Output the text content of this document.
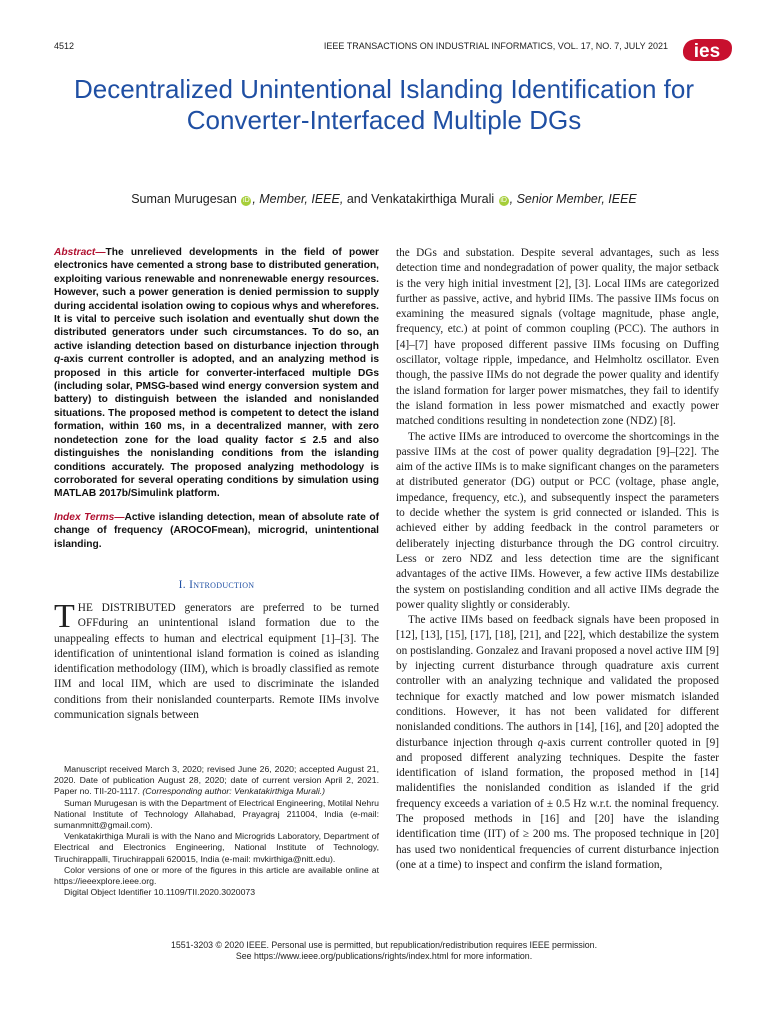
4512	IEEE TRANSACTIONS ON INDUSTRIAL INFORMATICS, VOL. 17, NO. 7, JULY 2021 ies
Decentralized Unintentional Islanding Identification for Converter-Interfaced Multiple DGs
Suman Murugesan iD , Member, IEEE, and Venkatakirthiga Murali iD , Senior Member, IEEE

Abstract—The unrelieved developments in the field of power electronics have cemented a strong base to distributed generation, exploiting various renewable and nonrenewable energy resources. However, such a power generation is denied permission to supply during accidental isolation owing to copious whys and wherefores. It is vital to perceive such isolation and eventually shut down the distributed generators under such circumstances. To do so, an active islanding detection based on disturbance injection through q-axis current controller is adopted, and an analyzing method is proposed in this article for converter-interfaced multiple DGs (including solar, PMSG-based wind energy conversion system and battery) to distinguish between the islanded and nonislanded situations. The proposed method is competent to detect the island formation, within 160 ms, in a decentralized manner, with zero nondetection zone for the load quality factor ≤ 2.5 and also distinguishes the nonislanding conditions from the islanding conditions accurately. The proposed analyzing methodology is corroborated for several operating conditions by simulation using MATLAB 2017b/Simulink platform.

Index Terms—Active islanding detection, mean of absolute rate of change of frequency (AROCOFmean), microgrid, unintentional islanding.

I. Introduction
THE DISTRIBUTED generators are preferred to be turned OFFduring an unintentional island formation due to the unappealing effects to human and electrical equipment [1]–[3]. The identification of unintentional island formation is coined as islanding identification methodology (IIM), which is broadly classified as remote IIM and local IIM, which are used to discriminate the islanded conditions from their nonislanded counterparts. Remote IIMs involve communication signals between

Manuscript received March 3, 2020; revised June 26, 2020; accepted August 21, 2020. Date of publication August 28, 2020; date of current version April 2, 2021. Paper no. TII-20-1117. (Corresponding author: Venkatakirthiga Murali.)

Suman Murugesan is with the Department of Electrical Engineering, Motilal Nehru National Institute of Technology Allahabad, Prayagraj 211004, India (e-mail: sumanmnitt@gmail.com).

Venkatakirthiga Murali is with the Nano and Microgrids Laboratory, Department of Electrical and Electronics Engineering, National Institute of Technology, Tiruchirappalli, Tiruchirappali 620015, India (e-mail: mvkirthiga@nitt.edu).

Color versions of one or more of the figures in this article are available online at https://ieeexplore.ieee.org.

Digital Object Identifier 10.1109/TII.2020.3020073

the DGs and substation. Despite several advantages, such as less detection time and nondegradation of power quality, the major setback is the very high initial investment [2], [3]. Local IIMs are categorized further as passive, active, and hybrid IIMs. The passive IIMs focus on examining the measured signals (voltage magnitude, phase angle, frequency, etc.) at point of common coupling (PCC). The authors in [4]–[7] have proposed different passive IIMs focusing on Duffing oscillator, voltage ripple, impedance, and Helmholtz oscillator. Even though, the passive IIMs do not degrade the power quality and identify the island formation for larger power mismatches, they fail to identify the island formation in less power mismatched and exactly power matched conditions resulting in nondetection zone (NDZ) [8].

The active IIMs are introduced to overcome the shortcomings in the passive IIMs at the cost of power quality degradation [9]–[22]. The aim of the active IIMs is to make significant changes on the parameters at distributed generator (DG) output or PCC (voltage, phase angle, impedance, frequency, etc.), and subsequently inspect the parameters to decide whether the system is grid connected or islanded. This is achieved either by adding feedback in the control parameters or deliberately injecting disturbance through the DG control circuitry. Less or zero NDZ and less detection time are the significant advantages of the active IIMs. However, a few active IIMs destabilize the system on postislanding condition and all active IIMs degrade the power quality slightly or considerably.

The active IIMs based on feedback signals have been proposed in [12], [13], [15], [17], [18], [21], and [22], which destabilize the system on postislanding. Gonzalez and Iravani proposed a novel active IIM [9] by injecting current disturbance through quadrature axis current controller with an analyzing technique and validated the proposed technique for exactly matched and low power mismatch islanded conditions. However, it has not been validated for different nonislanded conditions. The authors in [14], [16], and [20] adopted the disturbance injection through q-axis current controller quoted in [9] and proposed different analyzing techniques. Despite the faster identification of island formation, the proposed method in [14] malidentifies the nonislanded condition as islanded if the grid frequency exceeds a variation of ± 0.5 Hz w.r.t. the nominal frequency. The proposed methods in [16] and [20] have the islanding identification time (IIT) of ≥ 200 ms. The proposed technique in [20] has used two nonidentical frequencies of current disturbance injection (one at a time) to inspect and confirm the island formation,

1551-3203 © 2020 IEEE. Personal use is permitted, but republication/redistribution requires IEEE permission.
See https://www.ieee.org/publications/rights/index.html for more information.
